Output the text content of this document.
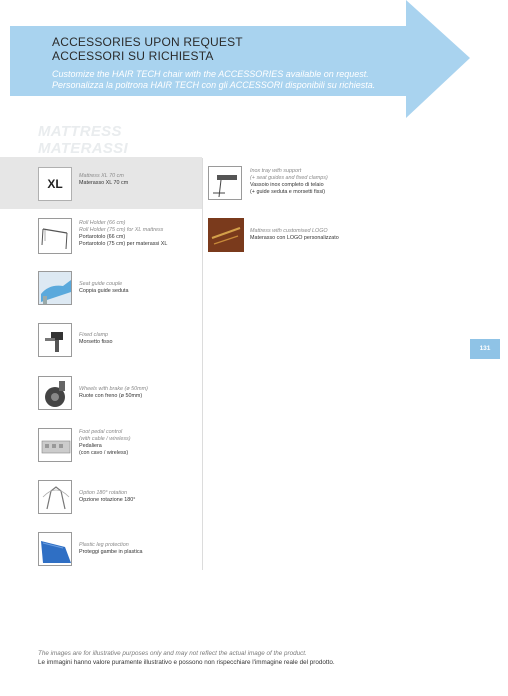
ACCESSORIES UPON REQUEST
ACCESSORI SU RICHIESTA
Customize the HAIR TECH chair with the ACCESSORIES available on request.
Personalizza la poltrona HAIR TECH con gli ACCESSORI disponibili su richiesta.
MATTRESS
MATERASSI
XL
Mattress XL 70 cm
Materasso XL 70 cm
Roll Holder (66 cm)
Roll Holder (75 cm) for XL mattress
Portarotolo (66 cm)
Portarotolo (75 cm) per materassi XL
Seat guide couple
Coppia guide seduta
Fixed clamp
Morsetto fisso
Wheels with brake (ø 50mm)
Ruote con freno (ø 50mm)
Foot pedal control
(with cable / wireless)
Pedaliera
(con cavo / wireless)
Option 180° rotation
Opzione rotazione 180°
Plastic leg protection
Proteggi gambe in plastica
Inox tray with support
(+ seat guides and fixed clamps)
Vassoio inox completo di telaio
(+ guide seduta e morsetti fissi)
Mattress with customised LOGO
Materasso con LOGO personalizzato
131
The images are for illustrative purposes only and may not reflect the actual image of the product.
Le immagini hanno valore puramente illustrativo e possono non rispecchiare l'immagine reale del prodotto.
